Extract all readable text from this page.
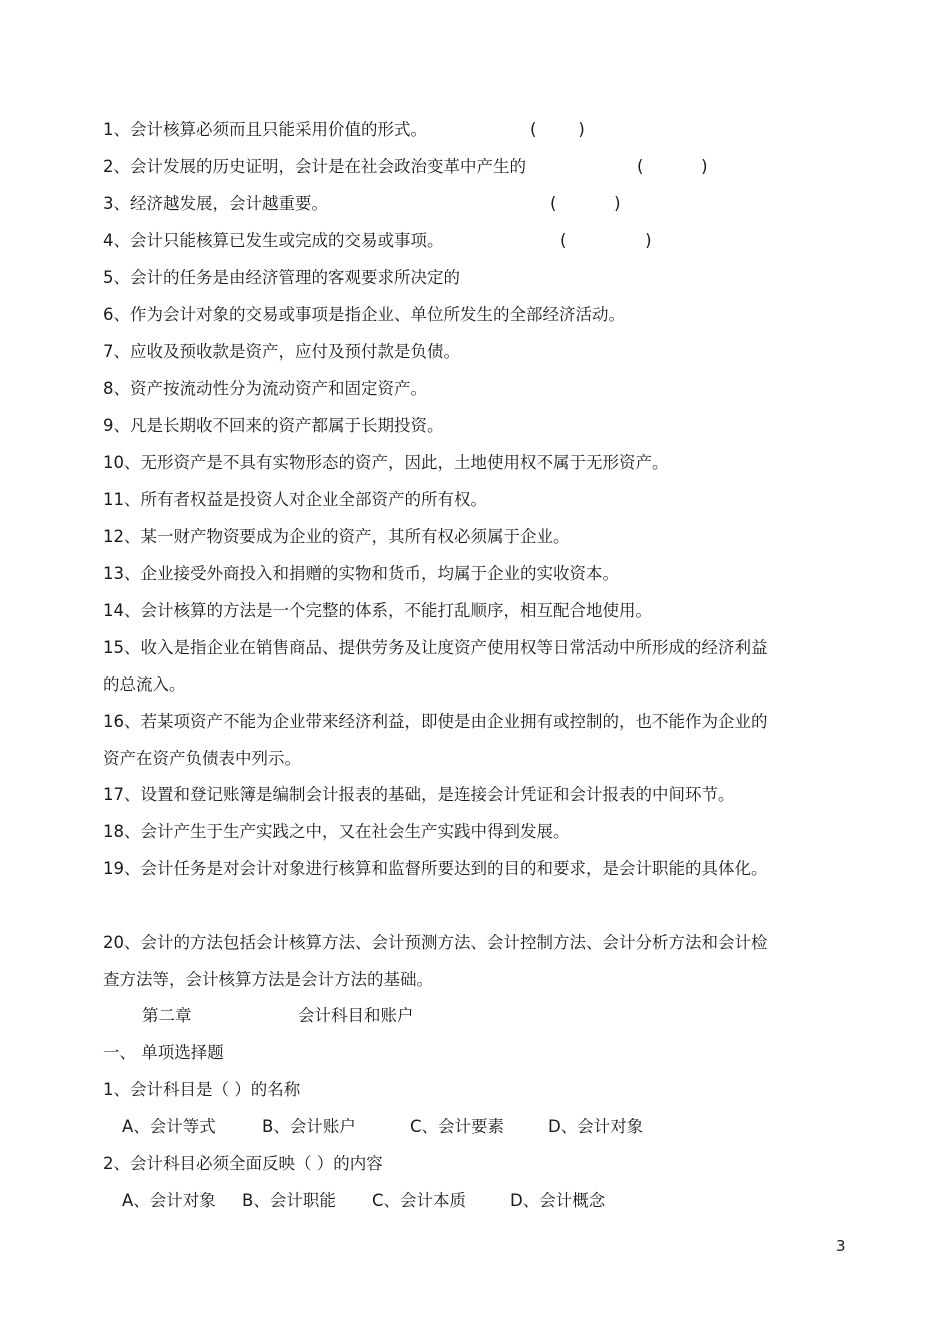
1、会计核算必须而且只能采用价值的形式。	(        )
2、会计发展的历史证明，会计是在社会政治变革中产生的	(           )
3、经济越发展，会计越重要。	(           )
4、会计只能核算已发生或完成的交易或事项。	(               )
5、会计的任务是由经济管理的客观要求所决定的
6、作为会计对象的交易或事项是指企业、单位所发生的全部经济活动。
7、应收及预收款是资产，应付及预付款是负债。
8、资产按流动性分为流动资产和固定资产。
9、凡是长期收不回来的资产都属于长期投资。
10、无形资产是不具有实物形态的资产，因此，土地使用权不属于无形资产。
11、所有者权益是投资人对企业全部资产的所有权。
12、某一财产物资要成为企业的资产，其所有权必须属于企业。
13、企业接受外商投入和捐赠的实物和货币，均属于企业的实收资本。
14、会计核算的方法是一个完整的体系，不能打乱顺序，相互配合地使用。
15、收入是指企业在销售商品、提供劳务及让度资产使用权等日常活动中所形成的经济利益的总流入。
16、若某项资产不能为企业带来经济利益，即使是由企业拥有或控制的，也不能作为企业的资产在资产负债表中列示。
17、设置和登记账簿是编制会计报表的基础，是连接会计凭证和会计报表的中间环节。
18、会计产生于生产实践之中，又在社会生产实践中得到发展。
19、会计任务是对会计对象进行核算和监督所要达到的目的和要求，是会计职能的具体化。
20、会计的方法包括会计核算方法、会计预测方法、会计控制方法、会计分析方法和会计检查方法等，会计核算方法是会计方法的基础。
第二章	会计科目和账户
一、 单项选择题
1、会计科目是（ ）的名称
A、会计等式	B、会计账户	C、会计要素	D、会计对象
2、会计科目必须全面反映（ ）的内容
A、会计对象 B、会计职能 C、会计本质	D、会计概念
3
